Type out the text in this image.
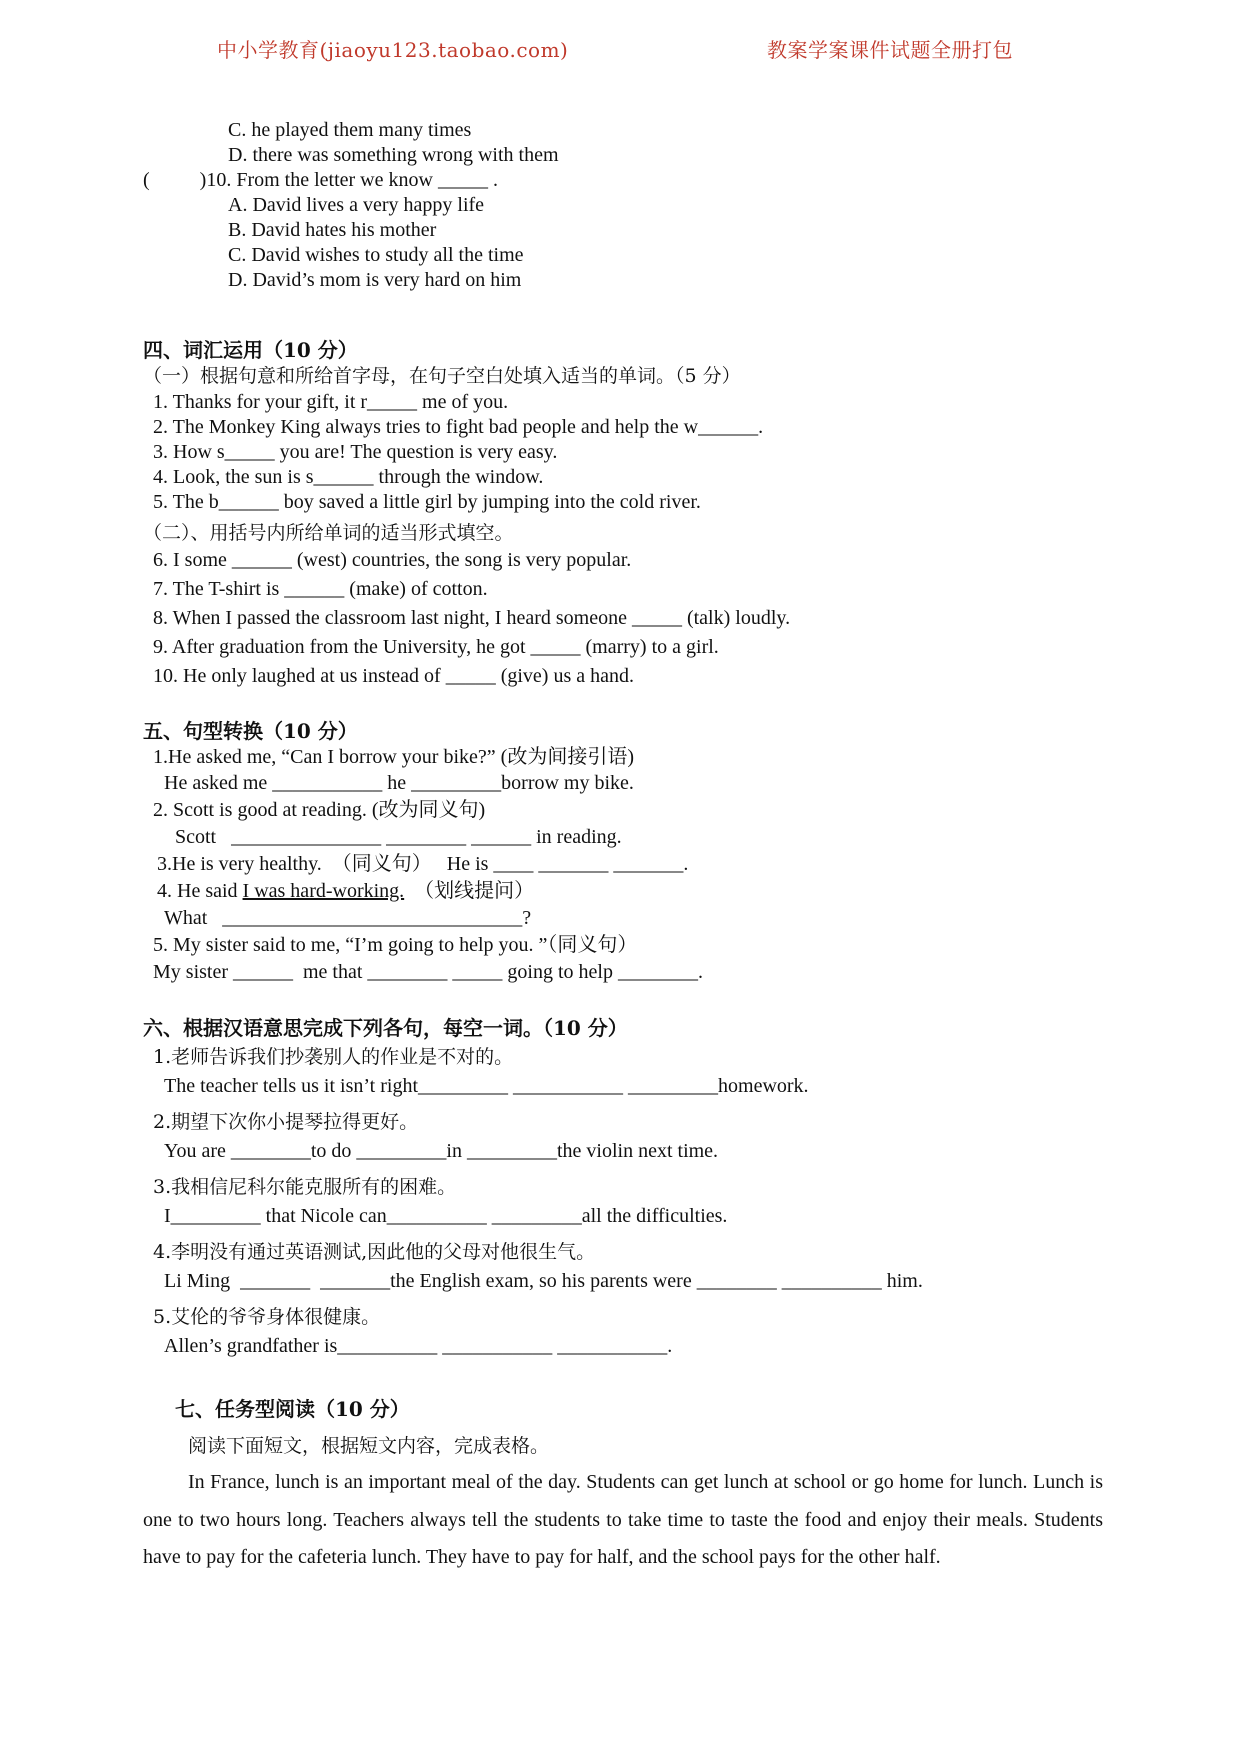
中小学教育(jiaoyu123.taobao.com)	教案学案课件试题全册打包
C. he played them many times
D. there was something wrong with them
(          )10. From the letter we know _____ .
A. David lives a very happy life
B. David hates his mother
C. David wishes to study all the time
D. David’s mom is very hard on him
四、词汇运用（10 分）
（一）根据句意和所给首字母，在句子空白处填入适当的单词。（5 分）
1. Thanks for your gift, it r_____ me of you.
2. The Monkey King always tries to fight bad people and help the w______.
3. How s_____ you are! The question is very easy.
4. Look, the sun is s______ through the window.
5. The b______ boy saved a little girl by jumping into the cold river.
（二）、用括号内所给单词的适当形式填空。
6. I some ______ (west) countries, the song is very popular.
7. The T-shirt is ______ (make) of cotton.
8. When I passed the classroom last night, I heard someone _____ (talk) loudly.
9. After graduation from the University, he got _____ (marry) to a girl.
10. He only laughed at us instead of _____ (give) us a hand.
五、句型转换（10 分）
1.He asked me, “Can I borrow your bike?” (改为间接引语)
He asked me ___________ he _________borrow my bike.
2. Scott is good at reading. (改为同义句)
Scott   _______________ ________ ______ in reading.
3.He is very healthy.  （同义句）   He is ____ _______ _______.
4. He said I was hard-working.  （划线提问）
What   ______________________________?
5. My sister said to me, “I’m going to help you. ”（同义句）
My sister ______  me that ________ _____ going to help ________.
六、根据汉语意思完成下列各句，每空一词。（10 分）
1.老师告诉我们抄袭别人的作业是不对的。
The teacher tells us it isn’t right_________ ___________ _________homework.
2.期望下次你小提琴拉得更好。
You are ________to do _________in _________the violin next time.
3.我相信尼科尔能克服所有的困难。
I_________ that Nicole can__________ _________all the difficulties.
4.李明没有通过英语测试,因此他的父母对他很生气。
Li Ming  _______  _______the English exam, so his parents were ________ __________ him.
5.艾伦的爷爷身体很健康。
Allen’s grandfather is__________ ___________ ___________.
七、任务型阅读（10 分）
阅读下面短文，根据短文内容，完成表格。
In France, lunch is an important meal of the day. Students can get lunch at school or go home for lunch. Lunch is one to two hours long. Teachers always tell the students to take time to taste the food and enjoy their meals. Students have to pay for the cafeteria lunch. They have to pay for half, and the school pays for the other half.
